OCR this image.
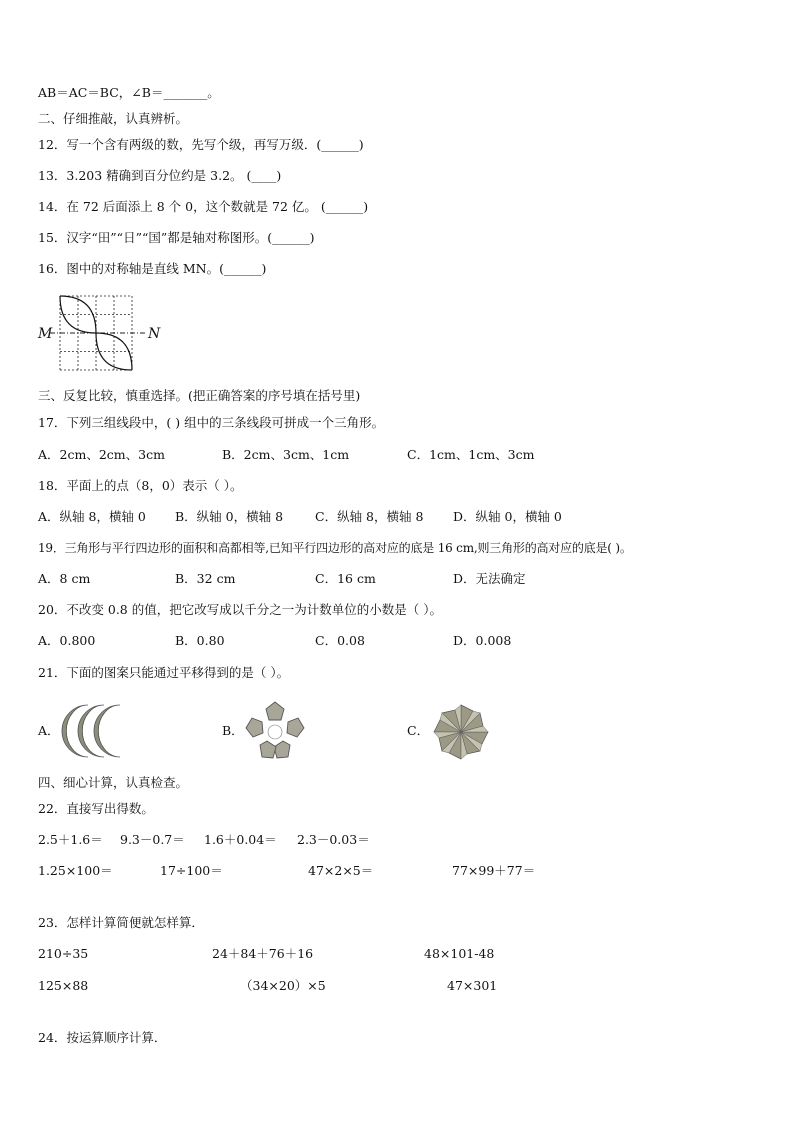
AB＝AC＝BC，∠B＝_______。
二、仔细推敲，认真辨析。
12．写一个含有两级的数，先写个级，再写万级．(______)
13．3.203 精确到百分位约是 3.2。 (____)
14．在 72 后面添上 8 个 0，这个数就是 72 亿。 (______)
15．汉字“田”“日”“国”都是轴对称图形。(______)
16．图中的对称轴是直线 MN。(______)
M	N
三、反复比较，慎重选择。(把正确答案的序号填在括号里)
17．下列三组线段中，( ) 组中的三条线段可拼成一个三角形。
A．2cm、2cm、3cm	B．2cm、3cm、1cm	C．1cm、1cm、3cm
18．平面上的点（8，0）表示（ ）。
A．纵轴 8，横轴 0 B．纵轴 0，横轴 8	C．纵轴 8，横轴 8 D．纵轴 0，横轴 0
19．三角形与平行四边形的面积和高都相等,已知平行四边形的高对应的底是 16 cm,则三角形的高对应的底是( )。
A．8 cm	B．32 cm	C．16 cm	D．无法确定
20．不改变 0.8 的值，把它改写成以千分之一为计数单位的小数是（ ）。
A．0.800	B．0.80	C．0.08	D．0.008
21．下面的图案只能通过平移得到的是（ ）。
A．	B．	C．
四、细心计算，认真检查。
22．直接写出得数。
2.5＋1.6＝ 9.3－0.7＝ 1.6＋0.04＝ 2.3－0.03＝
1.25×100＝	17÷100＝	47×2×5＝	77×99＋77＝
23．怎样计算简便就怎样算．
210÷35	24＋84＋76＋16	48×101-48
125×88	（34×20）×5	47×301
24．按运算顺序计算．
